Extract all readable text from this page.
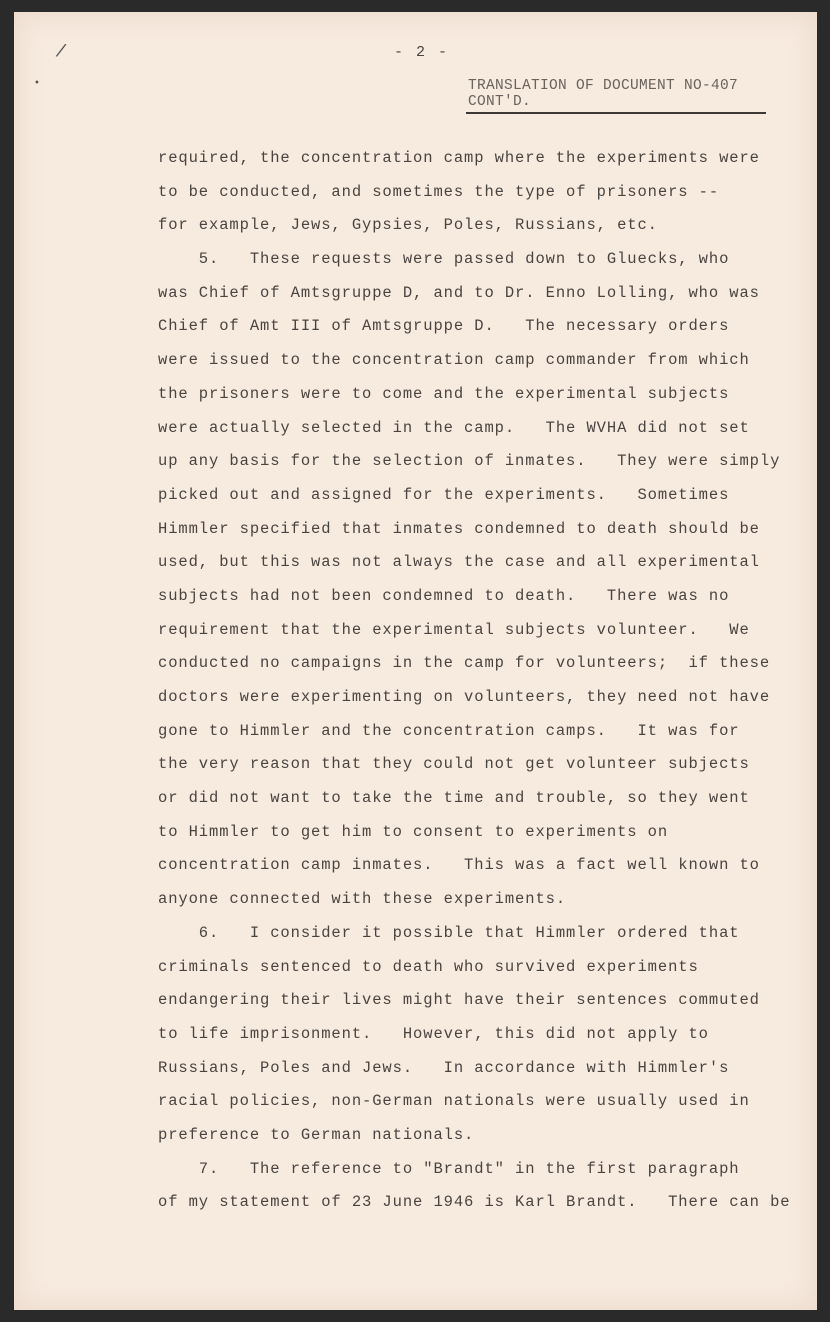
/
•
- 2 -
TRANSLATION OF DOCUMENT NO-407
CONT'D.
required, the concentration camp where the experiments were
to be conducted, and sometimes the type of prisoners --
for example, Jews, Gypsies, Poles, Russians, etc.
5.   These requests were passed down to Gluecks, who
was Chief of Amtsgruppe D, and to Dr. Enno Lolling, who was
Chief of Amt III of Amtsgruppe D.   The necessary orders
were issued to the concentration camp commander from which
the prisoners were to come and the experimental subjects
were actually selected in the camp.   The WVHA did not set
up any basis for the selection of inmates.   They were simply
picked out and assigned for the experiments.   Sometimes
Himmler specified that inmates condemned to death should be
used, but this was not always the case and all experimental
subjects had not been condemned to death.   There was no
requirement that the experimental subjects volunteer.   We
conducted no campaigns in the camp for volunteers;  if these
doctors were experimenting on volunteers, they need not have
gone to Himmler and the concentration camps.   It was for
the very reason that they could not get volunteer subjects
or did not want to take the time and trouble, so they went
to Himmler to get him to consent to experiments on
concentration camp inmates.   This was a fact well known to
anyone connected with these experiments.
6.   I consider it possible that Himmler ordered that
criminals sentenced to death who survived experiments
endangering their lives might have their sentences commuted
to life imprisonment.   However, this did not apply to
Russians, Poles and Jews.   In accordance with Himmler's
racial policies, non-German nationals were usually used in
preference to German nationals.
7.   The reference to "Brandt" in the first paragraph
of my statement of 23 June 1946 is Karl Brandt.   There can be
